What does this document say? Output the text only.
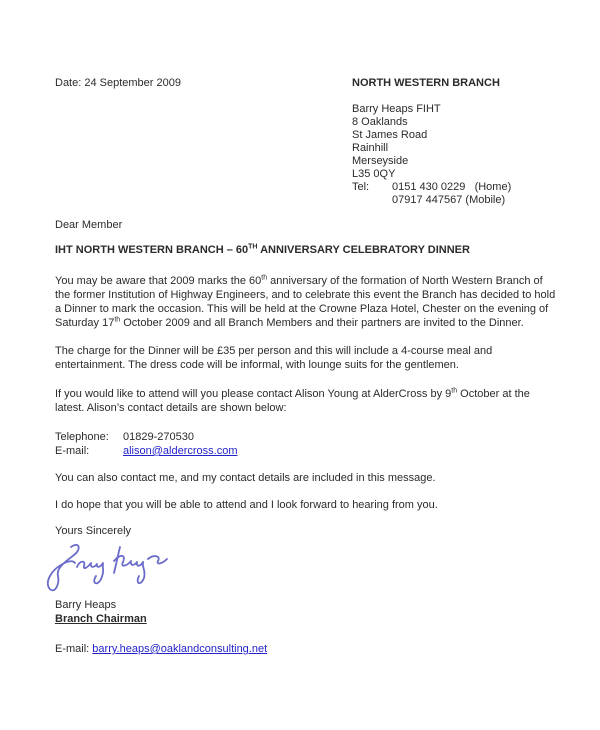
Date: 24 September 2009	NORTH WESTERN BRANCH
Barry Heaps FIHT
8 Oaklands
St James Road
Rainhill
Merseyside
L35 0QY
Tel:	0151 430 0229   (Home)
07917 447567 (Mobile)
Dear Member
IHT NORTH WESTERN BRANCH – 60TH ANNIVERSARY CELEBRATORY DINNER
You may be aware that 2009 marks the 60th anniversary of the formation of North Western Branch of the former Institution of Highway Engineers, and to celebrate this event the Branch has decided to hold a Dinner to mark the occasion. This will be held at the Crowne Plaza Hotel, Chester on the evening of Saturday 17th October 2009 and all Branch Members and their partners are invited to the Dinner.
The charge for the Dinner will be £35 per person and this will include a 4-course meal and entertainment. The dress code will be informal, with lounge suits for the gentlemen.
If you would like to attend will you please contact Alison Young at AlderCross by 9th October at the latest. Alison’s contact details are shown below:
Telephone: 01829-270530
E-mail:	alison@aldercross.com
You can also contact me, and my contact details are included in this message.
I do hope that you will be able to attend and I look forward to hearing from you.
Yours Sincerely
Barry Heaps
Branch Chairman
E-mail: barry.heaps@oaklandconsulting.net
